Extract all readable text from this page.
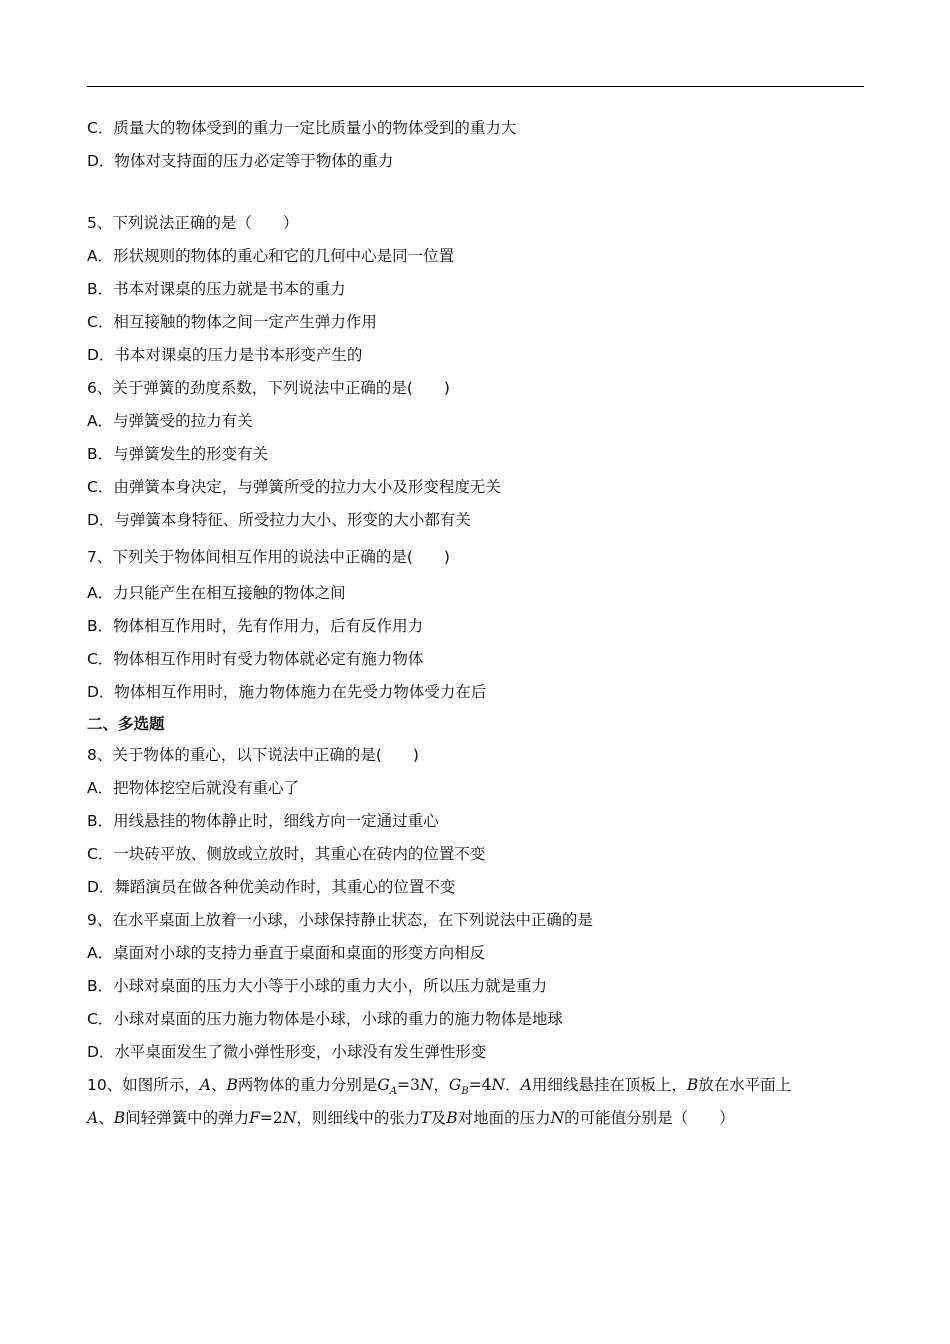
C．质量大的物体受到的重力一定比质量小的物体受到的重力大
D．物体对支持面的压力必定等于物体的重力
5、下列说法正确的是（　　）
A．形状规则的物体的重心和它的几何中心是同一位置
B．书本对课桌的压力就是书本的重力
C．相互接触的物体之间一定产生弹力作用
D．书本对课桌的压力是书本形变产生的
6、关于弹簧的劲度系数，下列说法中正确的是(　　)
A．与弹簧受的拉力有关
B．与弹簧发生的形变有关
C．由弹簧本身决定，与弹簧所受的拉力大小及形变程度无关
D．与弹簧本身特征、所受拉力大小、形变的大小都有关
7、下列关于物体间相互作用的说法中正确的是(　　)
A．力只能产生在相互接触的物体之间
B．物体相互作用时，先有作用力，后有反作用力
C．物体相互作用时有受力物体就必定有施力物体
D．物体相互作用时，施力物体施力在先受力物体受力在后
二、多选题
8、关于物体的重心，以下说法中正确的是(　　)
A．把物体挖空后就没有重心了
B．用线悬挂的物体静止时，细线方向一定通过重心
C．一块砖平放、侧放或立放时，其重心在砖内的位置不变
D．舞蹈演员在做各种优美动作时，其重心的位置不变
9、在水平桌面上放着一小球，小球保持静止状态，在下列说法中正确的是
A．桌面对小球的支持力垂直于桌面和桌面的形变方向相反
B．小球对桌面的压力大小等于小球的重力大小，所以压力就是重力
C．小球对桌面的压力施力物体是小球，小球的重力的施力物体是地球
D．水平桌面发生了微小弹性形变，小球没有发生弹性形变
10、如图所示，A、B两物体的重力分别是$G_A=3N$，$G_B=4N$．A用细线悬挂在顶板上，B放在水平面上
A、B间轻弹簧中的弹力F=2N，则细线中的张力T及B对地面的压力N的可能值分别是（　　）
